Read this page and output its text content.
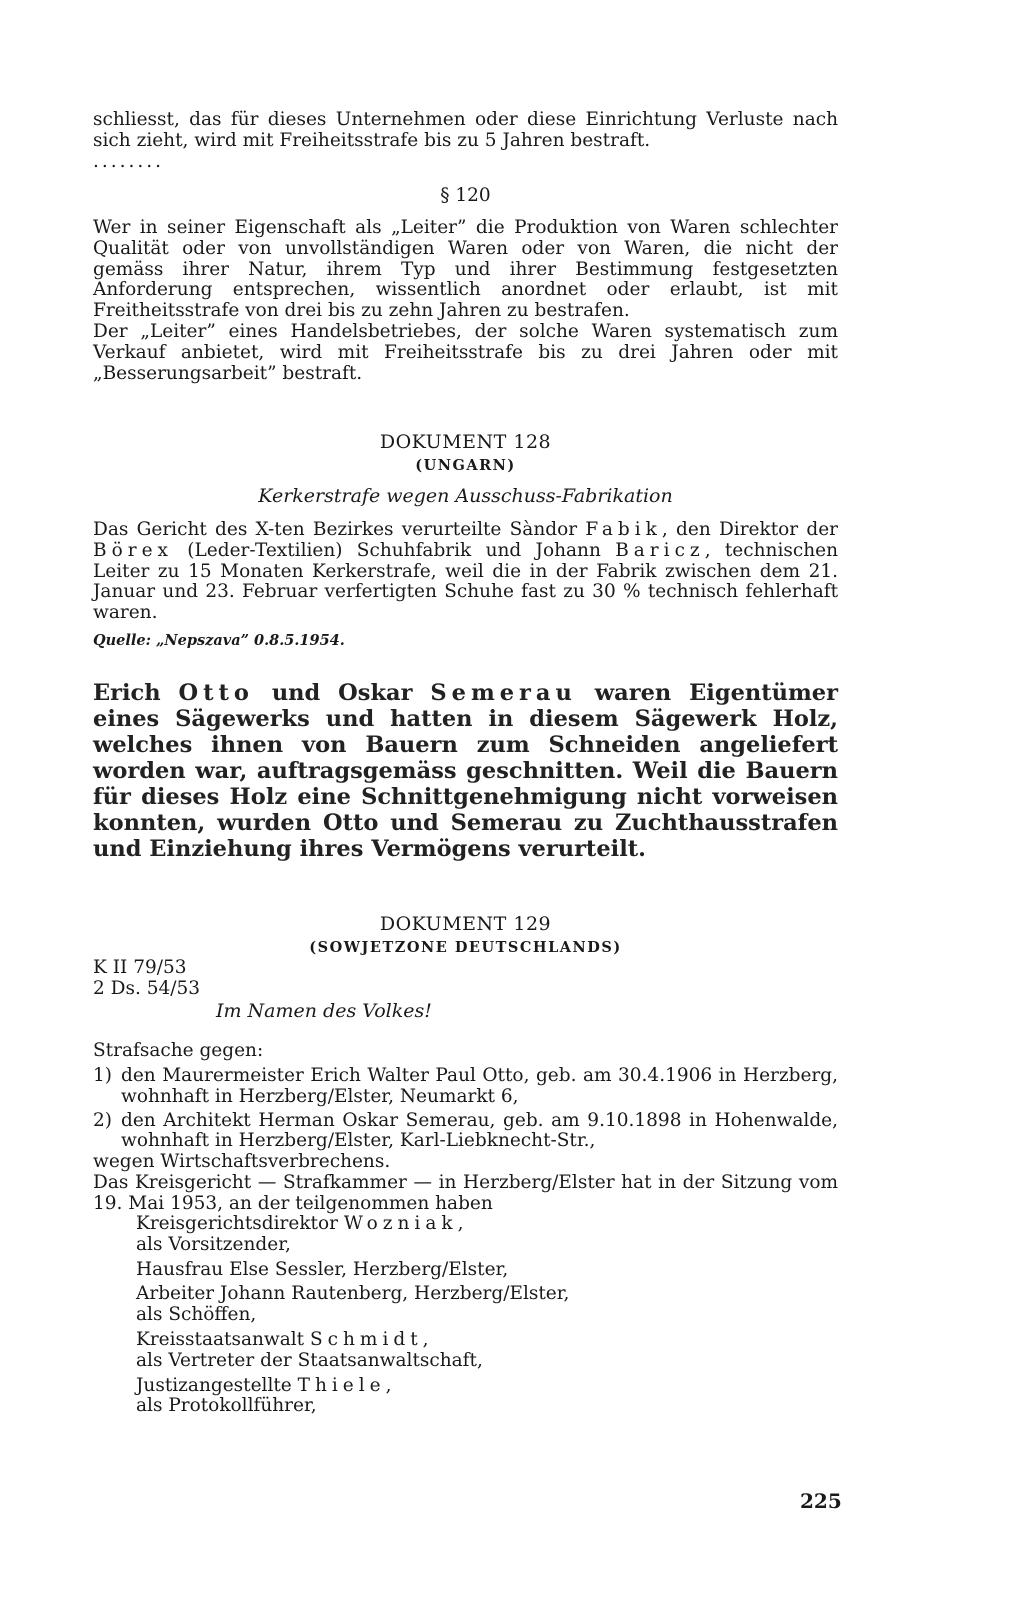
schliesst, das für dieses Unternehmen oder diese Einrichtung Verluste nach sich zieht, wird mit Freiheitsstrafe bis zu 5 Jahren bestraft.

........
§ 120

Wer in seiner Eigenschaft als „Leiter” die Produktion von Waren schlechter Qualität oder von unvollständigen Waren oder von Waren, die nicht der gemäss ihrer Natur, ihrem Typ und ihrer Bestimmung festgesetzten Anforderung entsprechen, wissentlich anordnet oder erlaubt, ist mit Freitheitsstrafe von drei bis zu zehn Jahren zu bestrafen.

Der „Leiter” eines Handelsbetriebes, der solche Waren systematisch zum Verkauf anbietet, wird mit Freiheitsstrafe bis zu drei Jahren oder mit „Besserungsarbeit” bestraft.

DOKUMENT 128
(UNGARN)
Kerkerstrafe wegen Ausschuss-Fabrikation

Das Gericht des X-ten Bezirkes verurteilte Sàndor Fabik, den Direktor der Börex (Leder-Textilien) Schuhfabrik und Johann Baricz, technischen Leiter zu 15 Monaten Kerkerstrafe, weil die in der Fabrik zwischen dem 21. Januar und 23. Februar verfertigten Schuhe fast zu 30 % technisch fehlerhaft waren.

Quelle: „Nepszava” 0.8.5.1954.

Erich Otto und Oskar Semerau waren Eigentümer eines Sägewerks und hatten in diesem Sägewerk Holz, welches ihnen von Bauern zum Schneiden angeliefert worden war, auftragsgemäss geschnitten. Weil die Bauern für dieses Holz eine Schnittgenehmigung nicht vorweisen konnten, wurden Otto und Semerau zu Zuchthausstrafen und Einziehung ihres Vermögens verurteilt.

DOKUMENT 129
(SOWJETZONE DEUTSCHLANDS)
K II 79/53
2 Ds. 54/53
Im Namen des Volkes!
Strafsache gegen:
1) den Maurermeister Erich Walter Paul Otto, geb. am 30.4.1906 in Herzberg, wohnhaft in Herzberg/Elster, Neumarkt 6,
2) den Architekt Herman Oskar Semerau, geb. am 9.10.1898 in Hohenwalde, wohnhaft in Herzberg/Elster, Karl-Liebknecht-Str.,

wegen Wirtschaftsverbrechens.

Das Kreisgericht — Strafkammer — in Herzberg/Elster hat in der Sitzung vom 19. Mai 1953, an der teilgenommen haben

Kreisgerichtsdirektor Wozniak,
als Vorsitzender,
Hausfrau Else Sessler, Herzberg/Elster,
Arbeiter Johann Rautenberg, Herzberg/Elster,
als Schöffen,
Kreisstaatsanwalt Schmidt,
als Vertreter der Staatsanwaltschaft,
Justizangestellte Thiele,
als Protokollführer,
225
